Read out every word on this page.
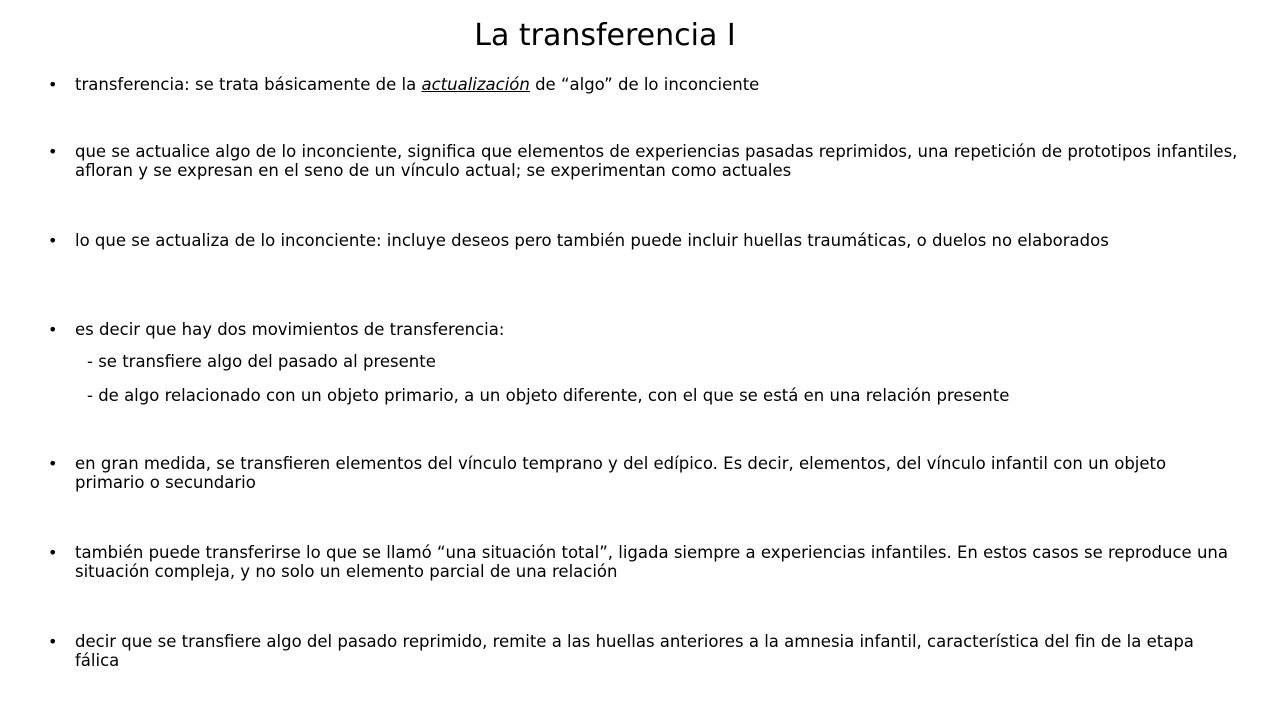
La transferencia I
• transferencia: se trata básicamente de la actualización de “algo” de lo inconciente
• que se actualice algo de lo inconciente, significa que elementos de experiencias pasadas reprimidos, una repetición de prototipos infantiles, afloran y se expresan en el seno de un vínculo actual; se experimentan como actuales
• lo que se actualiza de lo inconciente: incluye deseos pero también puede incluir huellas traumáticas, o duelos no elaborados
• es decir que hay dos movimientos de transferencia:
- se transfiere algo del pasado al presente
- de algo relacionado con un objeto primario, a un objeto diferente, con el que se está en una relación presente
• en gran medida, se transfieren elementos del vínculo temprano y del edípico. Es decir, elementos, del vínculo infantil con un objeto primario o secundario
• también puede transferirse lo que se llamó “una situación total”, ligada siempre a experiencias infantiles. En estos casos se reproduce una situación compleja, y no solo un elemento parcial de una relación
• decir que se transfiere algo del pasado reprimido, remite a las huellas anteriores a la amnesia infantil, característica del fin de la etapa fálica
